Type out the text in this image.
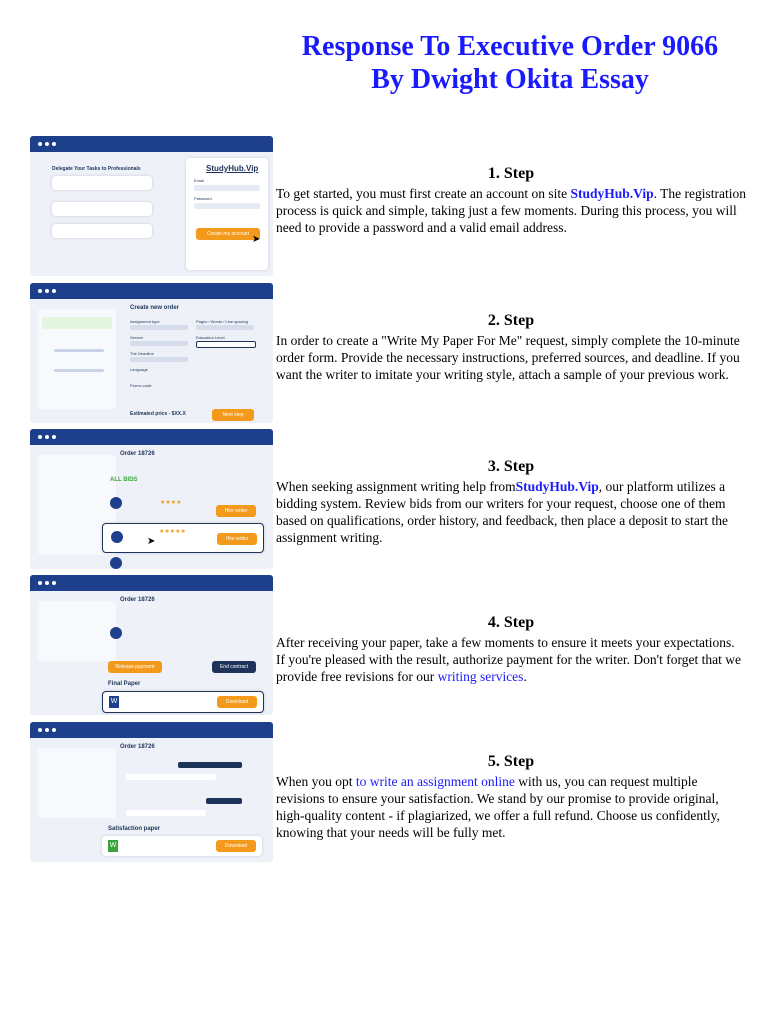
Response To Executive Order 9066
By Dwight Okita Essay
Delegate Your Tasks to Professionals	StudyHub.Vip
Email
Password
Create my account ➤
1. Step

To get started, you must first create an account on site StudyHub.Vip. The registration process is quick and simple, taking just a few moments. During this process, you will need to provide a password and a valid email address.

Create new order
Assignment type	Pages / Words / Line spacing
Service	Education Level
The Deadline
Language
Promo code
Estimated price - $XX.X	Next step
2. Step

In order to create a "Write My Paper For Me" request, simply complete the 10-minute order form. Provide the necessary instructions, preferred sources, and deadline. If you want the writer to imitate your writing style, attach a sample of your previous work.

Order 18726
ALL BIDS
★★★★
Hire writer
★★★★★
Hire writer
➤
3. Step

When seeking assignment writing help fromStudyHub.Vip, our platform utilizes a bidding system. Review bids from our writers for your request, choose one of them based on qualifications, order history, and feedback, then place a deposit to start the assignment writing.

Order 18726
Release payment	End contract
Final Paper
W	Download
4. Step

After receiving your paper, take a few moments to ensure it meets your expectations. If you're pleased with the result, authorize payment for the writer. Don't forget that we provide free revisions for our writing services.

Order 18726
Satisfaction paper
W	Download
5. Step

When you opt to write an assignment online with us, you can request multiple revisions to ensure your satisfaction. We stand by our promise to provide original, high-quality content - if plagiarized, we offer a full refund. Choose us confidently, knowing that your needs will be fully met.
